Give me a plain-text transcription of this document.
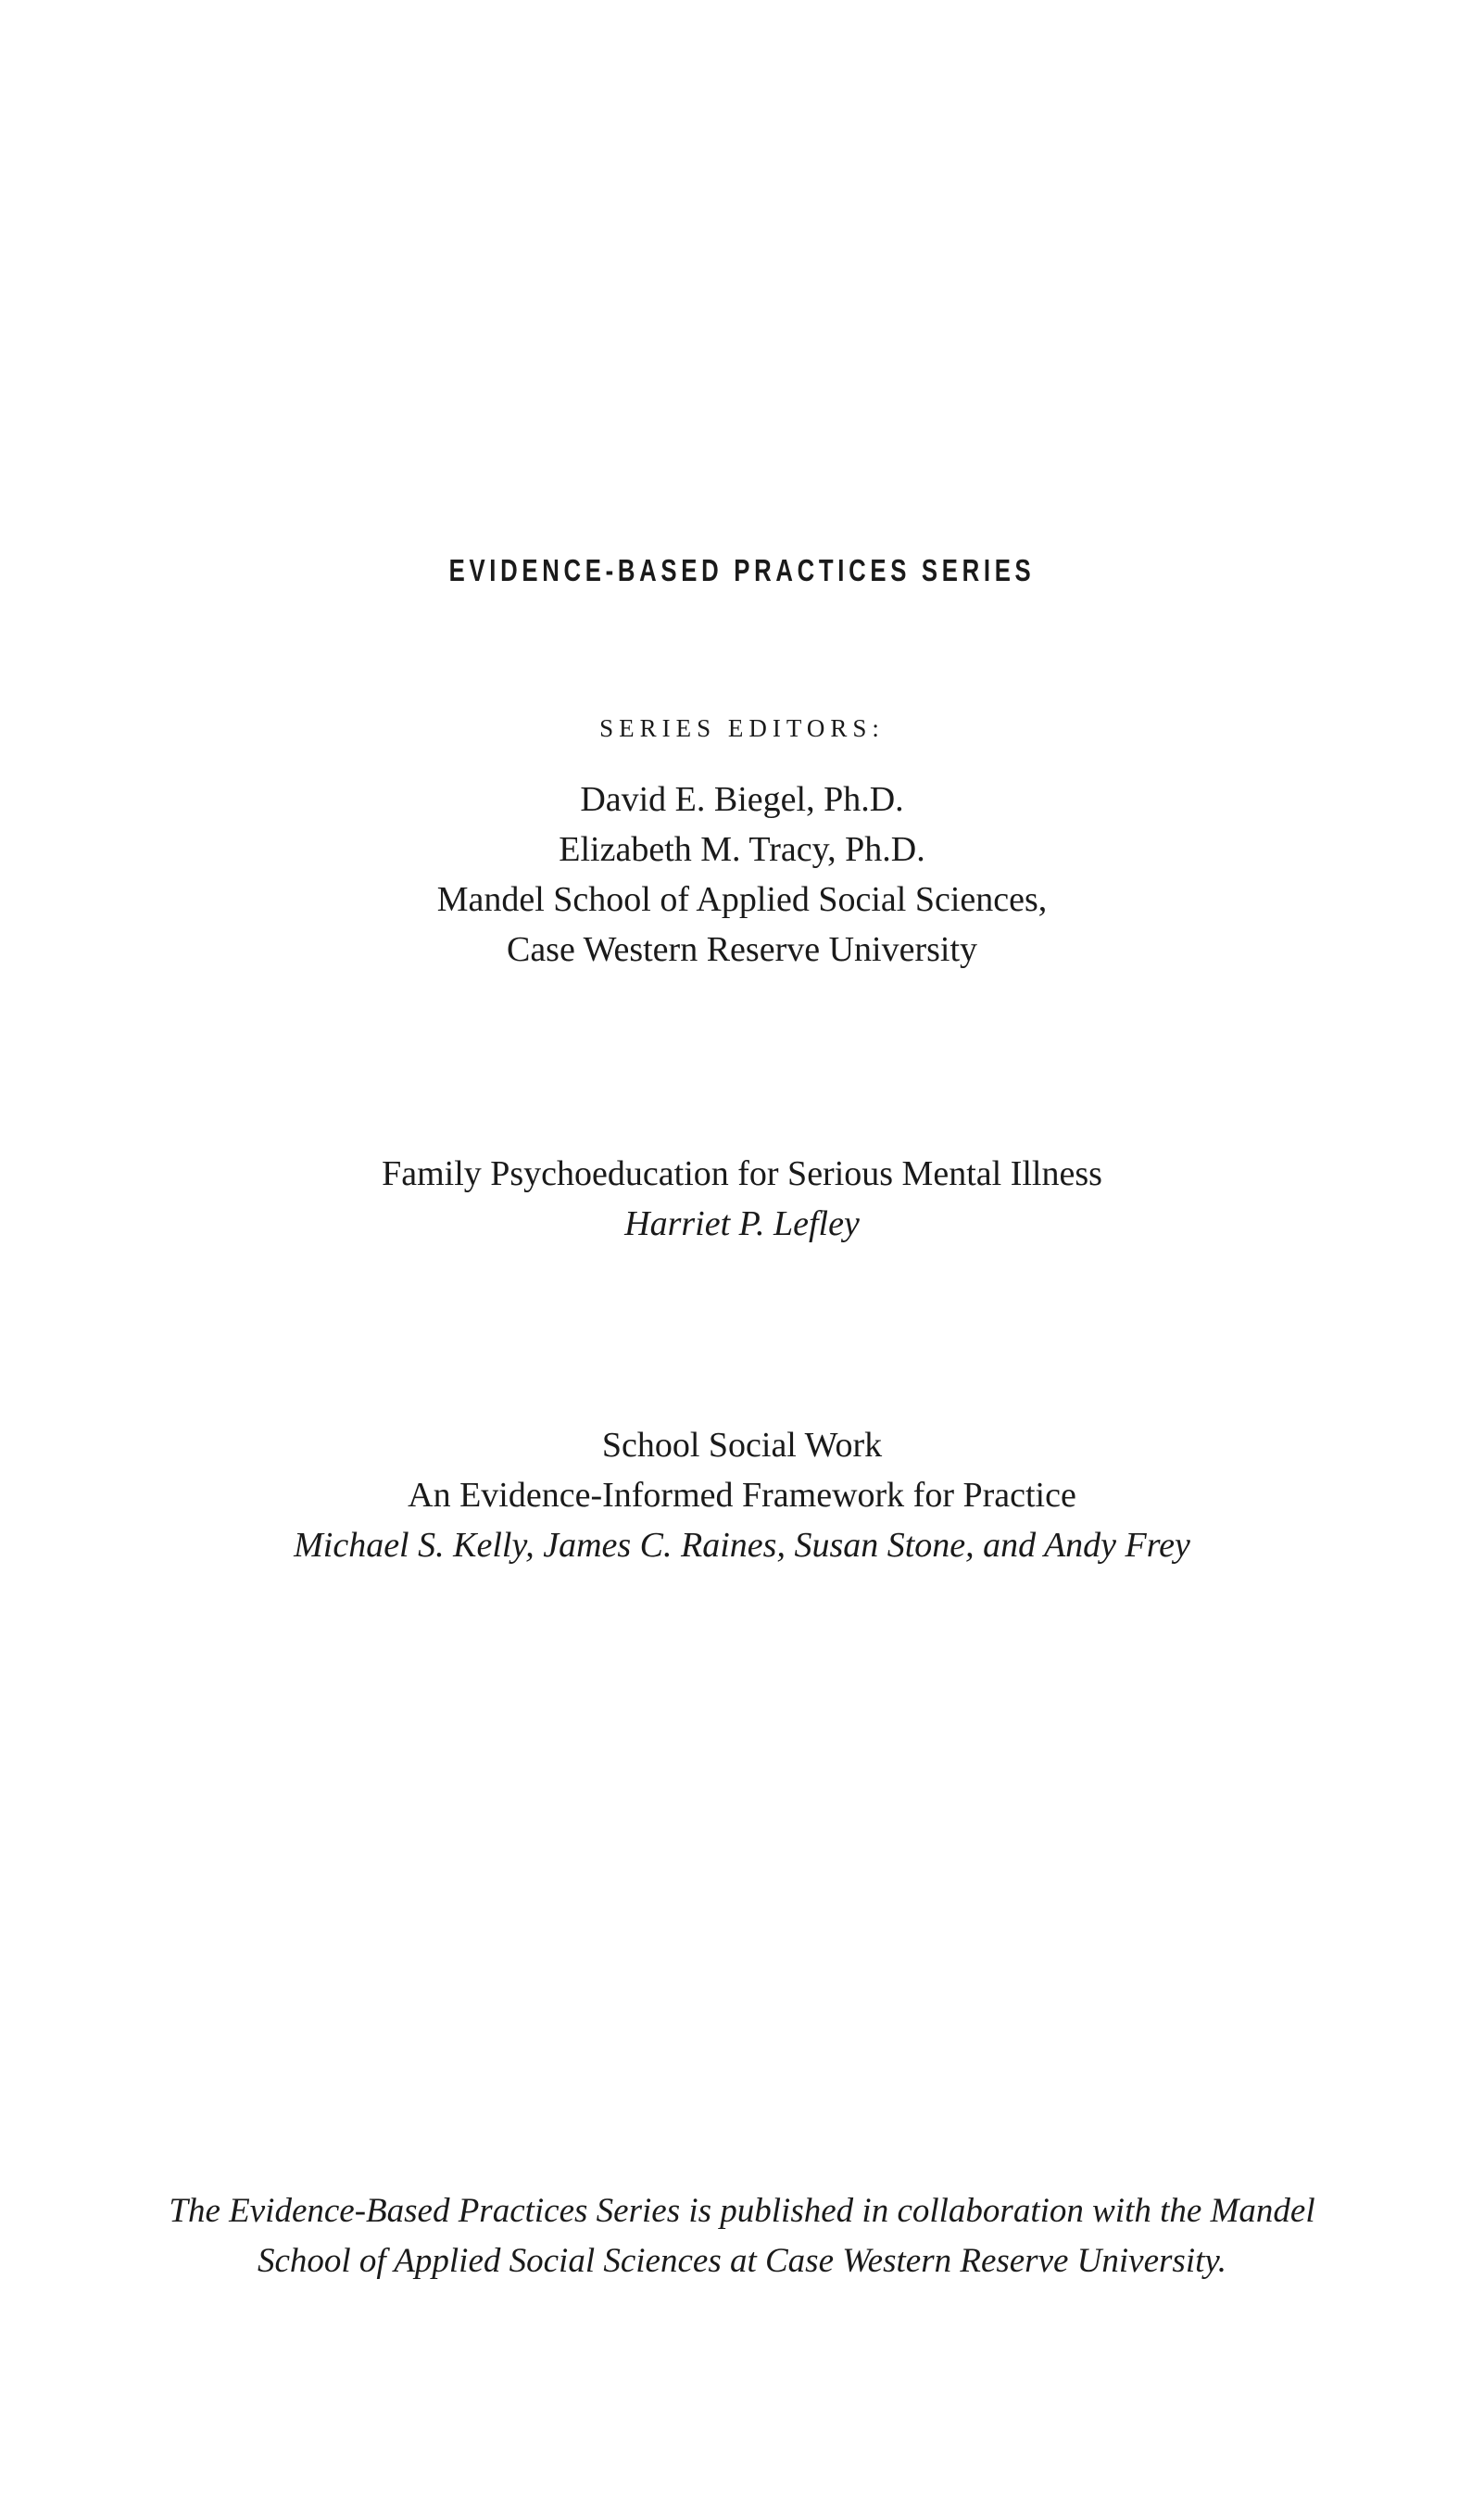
EVIDENCE-BASED PRACTICES SERIES
SERIES EDITORS:
David E. Biegel, Ph.D.
Elizabeth M. Tracy, Ph.D.
Mandel School of Applied Social Sciences,
Case Western Reserve University
Family Psychoeducation for Serious Mental Illness
Harriet P. Lefley
School Social Work
An Evidence-Informed Framework for Practice
Michael S. Kelly, James C. Raines, Susan Stone, and Andy Frey
The Evidence-Based Practices Series is published in collaboration with the Mandel
School of Applied Social Sciences at Case Western Reserve University.
